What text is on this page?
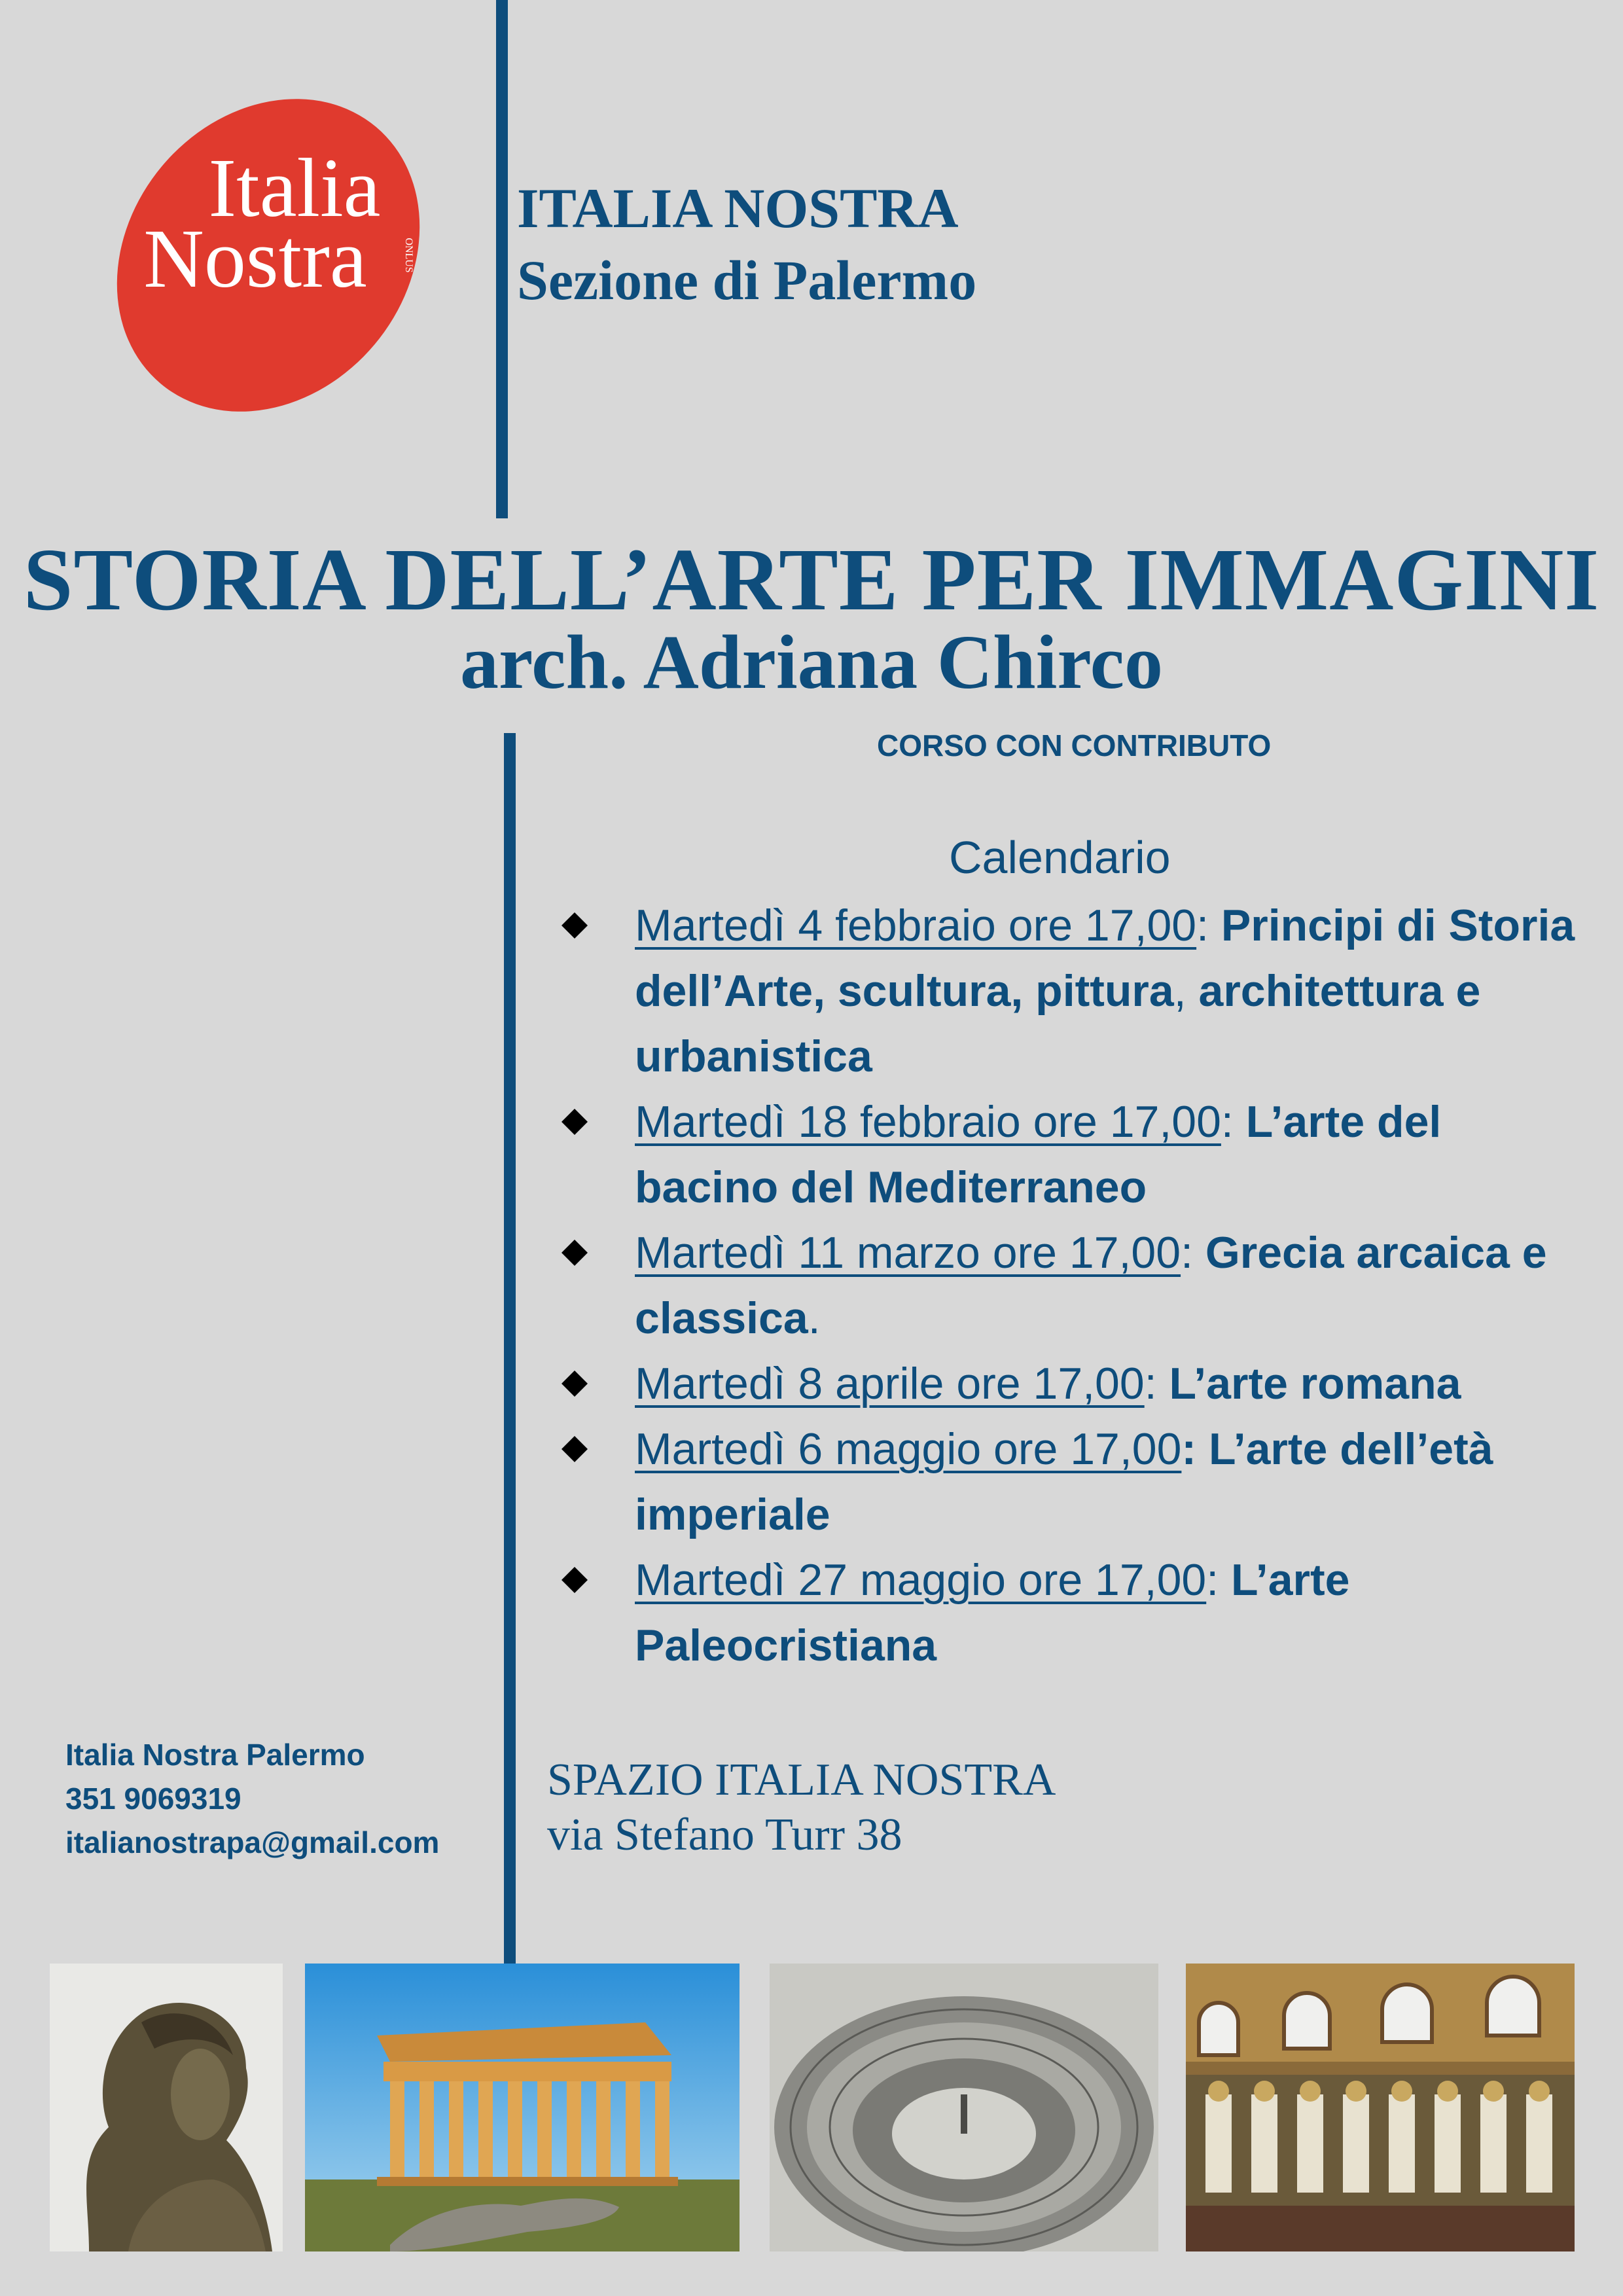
Italia
Nostra	ONLUS
ITALIA NOSTRA
Sezione di Palermo
STORIA DELL’ARTE PER IMMAGINI
arch. Adriana Chirco
CORSO CON CONTRIBUTO
Calendario
Martedì 4 febbraio ore 17,00: Principi di Storia dell’Arte, scultura, pittura, architettura e urbanistica
Martedì 18 febbraio ore 17,00: L’arte del bacino del Mediterraneo
Martedì 11 marzo ore 17,00: Grecia arcaica e classica.
Martedì 8 aprile ore 17,00: L’arte romana
Martedì 6 maggio ore 17,00: L’arte dell’età imperiale
Martedì 27 maggio ore 17,00: L’arte Paleocristiana
Italia Nostra Palermo
351 9069319
italianostrapa@gmail.com
SPAZIO ITALIA NOSTRA
via Stefano Turr 38
